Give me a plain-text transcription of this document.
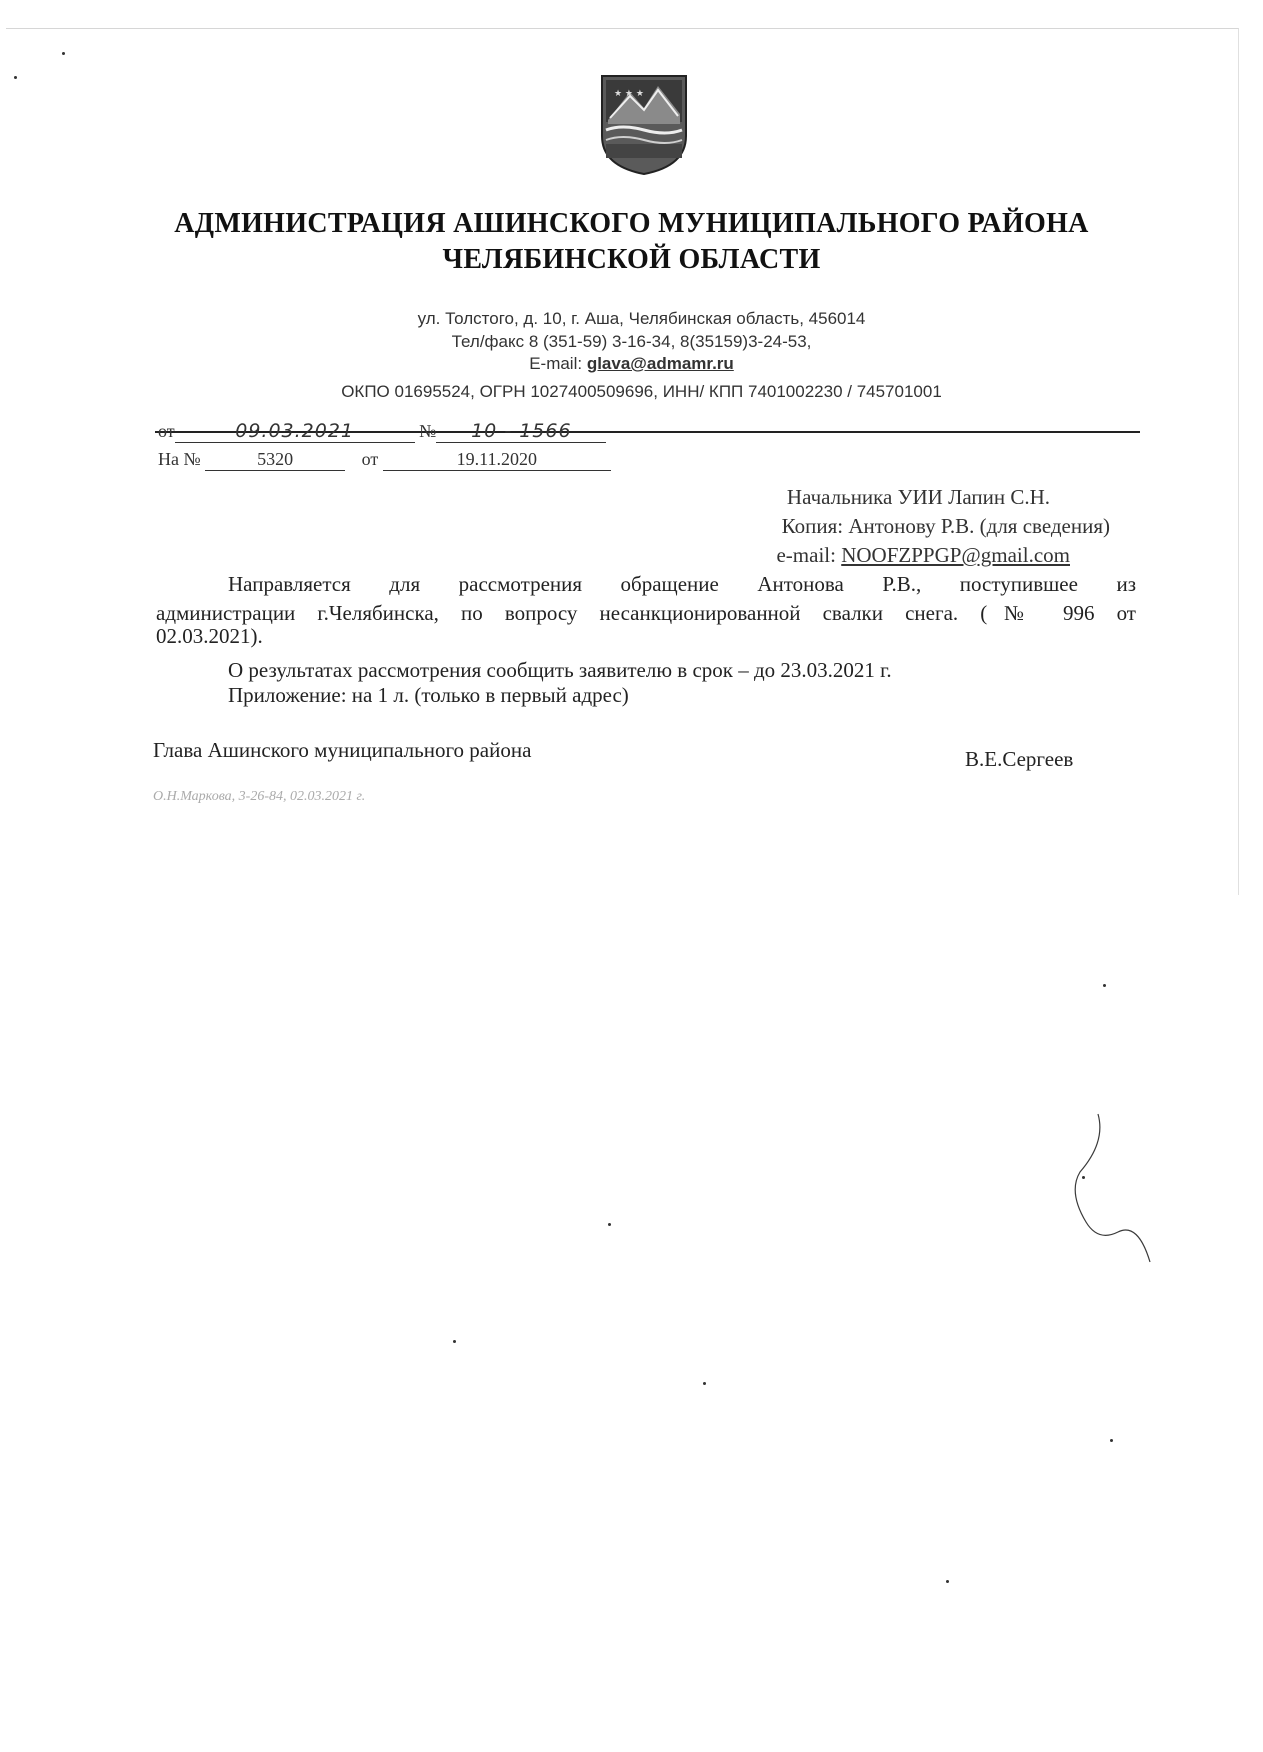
★ ★ ★
АДМИНИСТРАЦИЯ АШИНСКОГО МУНИЦИПАЛЬНОГО РАЙОНА
ЧЕЛЯБИНСКОЙ ОБЛАСТИ
ул. Толстого, д. 10, г. Аша, Челябинская область, 456014
Тел/факс 8 (351-59) 3-16-34, 8(35159)3-24-53,
E-mail: glava@admamr.ru
ОКПО 01695524, ОГРН 1027400509696, ИНН/ КПП 7401002230 / 745701001
от	09.03.2021	№ 10 - 1566
На №	5320	от	19.11.2020
Начальника УИИ Лапин С.Н.
Копия: Антонову Р.В. (для сведения)
e-mail: NOOFZPPGP@gmail.com
Направляется для рассмотрения обращение Антонова Р.В., поступившее из
администрации г.Челябинска, по вопросу несанкционированной свалки снега. (№ 996 от
02.03.2021).
О результатах рассмотрения сообщить заявителю в срок – до 23.03.2021 г.
Приложение: на 1 л. (только в первый адрес)
Глава Ашинского муниципального района	В.Е.Сергеев
О.Н.Маркова, 3-26-84, 02.03.2021 г.
